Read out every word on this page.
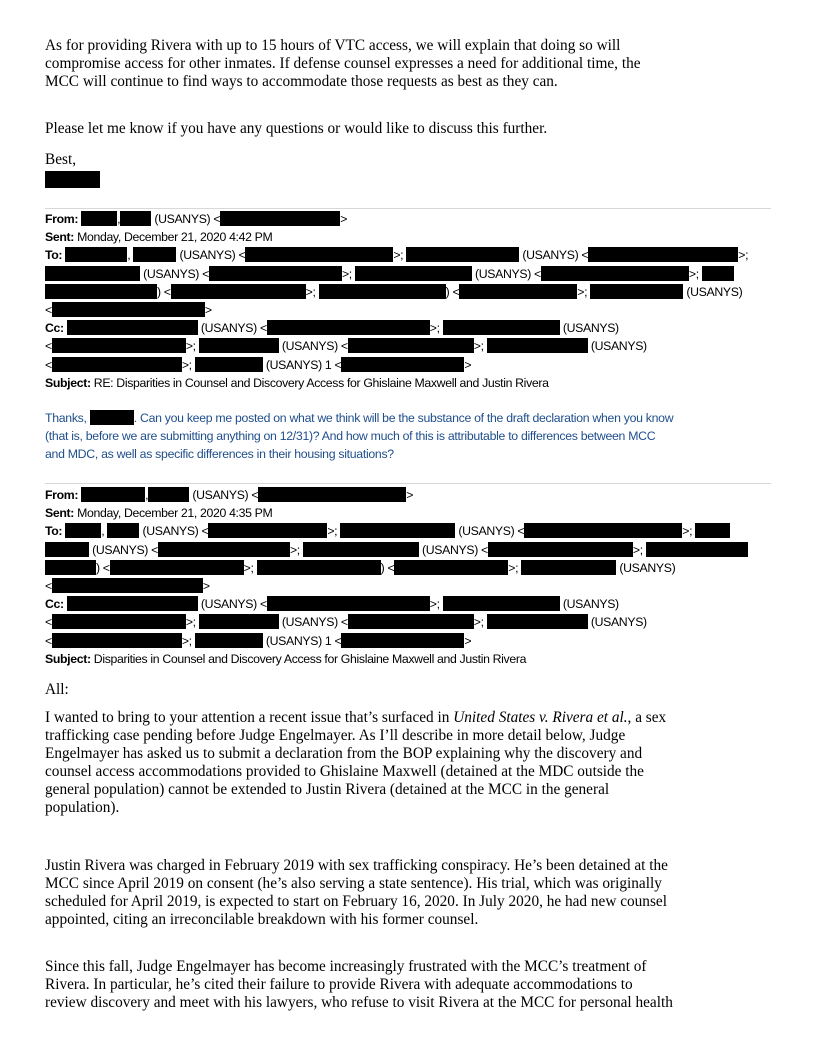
As for providing Rivera with up to 15 hours of VTC access, we will explain that doing so will
compromise access for other inmates. If defense counsel expresses a need for additional time, the
MCC will continue to find ways to accommodate those requests as best as they can.
Please let me know if you have any questions or would like to discuss this further.
Best,
From:	,	(USANYS) <	>
Sent: Monday, December 21, 2020 4:42 PM
To:	,	(USANYS) <	>;	(USANYS) <	>;
(USANYS) <	>;	(USANYS) <	>;
) <	>;	) <	>;	(USANYS)
<	>
Cc:	(USANYS) <	>;	(USANYS)
<	>;	(USANYS) <	>;	(USANYS)
<	>;	(USANYS) 1 <	>
Subject: RE: Disparities in Counsel and Discovery Access for Ghislaine Maxwell and Justin Rivera
Thanks,	. Can you keep me posted on what we think will be the substance of the draft declaration when you know
(that is, before we are submitting anything on 12/31)? And how much of this is attributable to differences between MCC
and MDC, as well as specific differences in their housing situations?
From:	,	(USANYS) <	>
Sent: Monday, December 21, 2020 4:35 PM
To:	,	(USANYS) <	>;	(USANYS) <	>;
(USANYS) <	>;	(USANYS) <	>;
) <	>;	) <	>;	(USANYS)
<	>
Cc:	(USANYS) <	>;	(USANYS)
<	>;	(USANYS) <	>;	(USANYS)
<	>;	(USANYS) 1 <	>
Subject: Disparities in Counsel and Discovery Access for Ghislaine Maxwell and Justin Rivera
All:
I wanted to bring to your attention a recent issue that’s surfaced in United States v. Rivera et al., a sex
trafficking case pending before Judge Engelmayer. As I’ll describe in more detail below, Judge
Engelmayer has asked us to submit a declaration from the BOP explaining why the discovery and
counsel access accommodations provided to Ghislaine Maxwell (detained at the MDC outside the
general population) cannot be extended to Justin Rivera (detained at the MCC in the general
population).
Justin Rivera was charged in February 2019 with sex trafficking conspiracy. He’s been detained at the
MCC since April 2019 on consent (he’s also serving a state sentence). His trial, which was originally
scheduled for April 2019, is expected to start on February 16, 2020. In July 2020, he had new counsel
appointed, citing an irreconcilable breakdown with his former counsel.
Since this fall, Judge Engelmayer has become increasingly frustrated with the MCC’s treatment of
Rivera. In particular, he’s cited their failure to provide Rivera with adequate accommodations to
review discovery and meet with his lawyers, who refuse to visit Rivera at the MCC for personal health
